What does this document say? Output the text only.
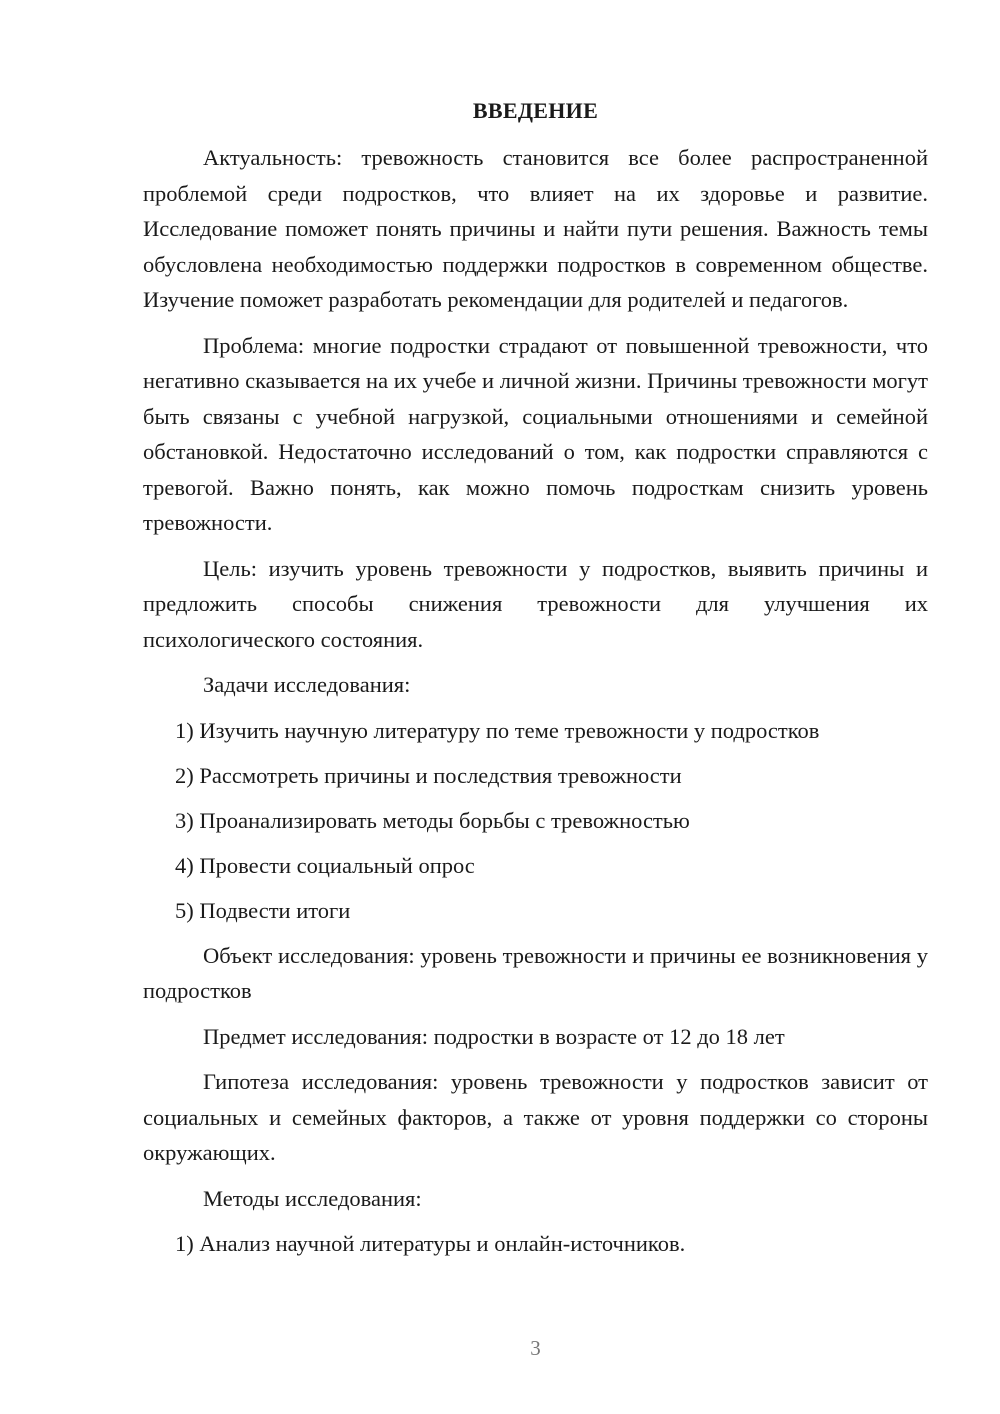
ВВЕДЕНИЕ

Актуальность: тревожность становится все более распространенной проблемой среди подростков, что влияет на их здоровье и развитие. Исследование поможет понять причины и найти пути решения. Важность темы обусловлена необходимостью поддержки подростков в современном обществе. Изучение поможет разработать рекомендации для родителей и педагогов.

Проблема: многие подростки страдают от повышенной тревожности, что негативно сказывается на их учебе и личной жизни. Причины тревожности могут быть связаны с учебной нагрузкой, социальными отношениями и семейной обстановкой. Недостаточно исследований о том, как подростки справляются с тревогой. Важно понять, как можно помочь подросткам снизить уровень тревожности.

Цель: изучить уровень тревожности у подростков, выявить причины и предложить способы снижения тревожности для улучшения их психологического состояния.

Задачи исследования:

1) Изучить научную литературу по теме тревожности у подростков
2) Рассмотреть причины и последствия тревожности
3) Проанализировать методы борьбы с тревожностью
4) Провести социальный опрос
5) Подвести итоги

Объект исследования: уровень тревожности и причины ее возникновения у подростков

Предмет исследования: подростки в возрасте от 12 до 18 лет

Гипотеза исследования: уровень тревожности у подростков зависит от социальных и семейных факторов, а также от уровня поддержки со стороны окружающих.

Методы исследования:

1) Анализ научной литературы и онлайн-источников.
3
